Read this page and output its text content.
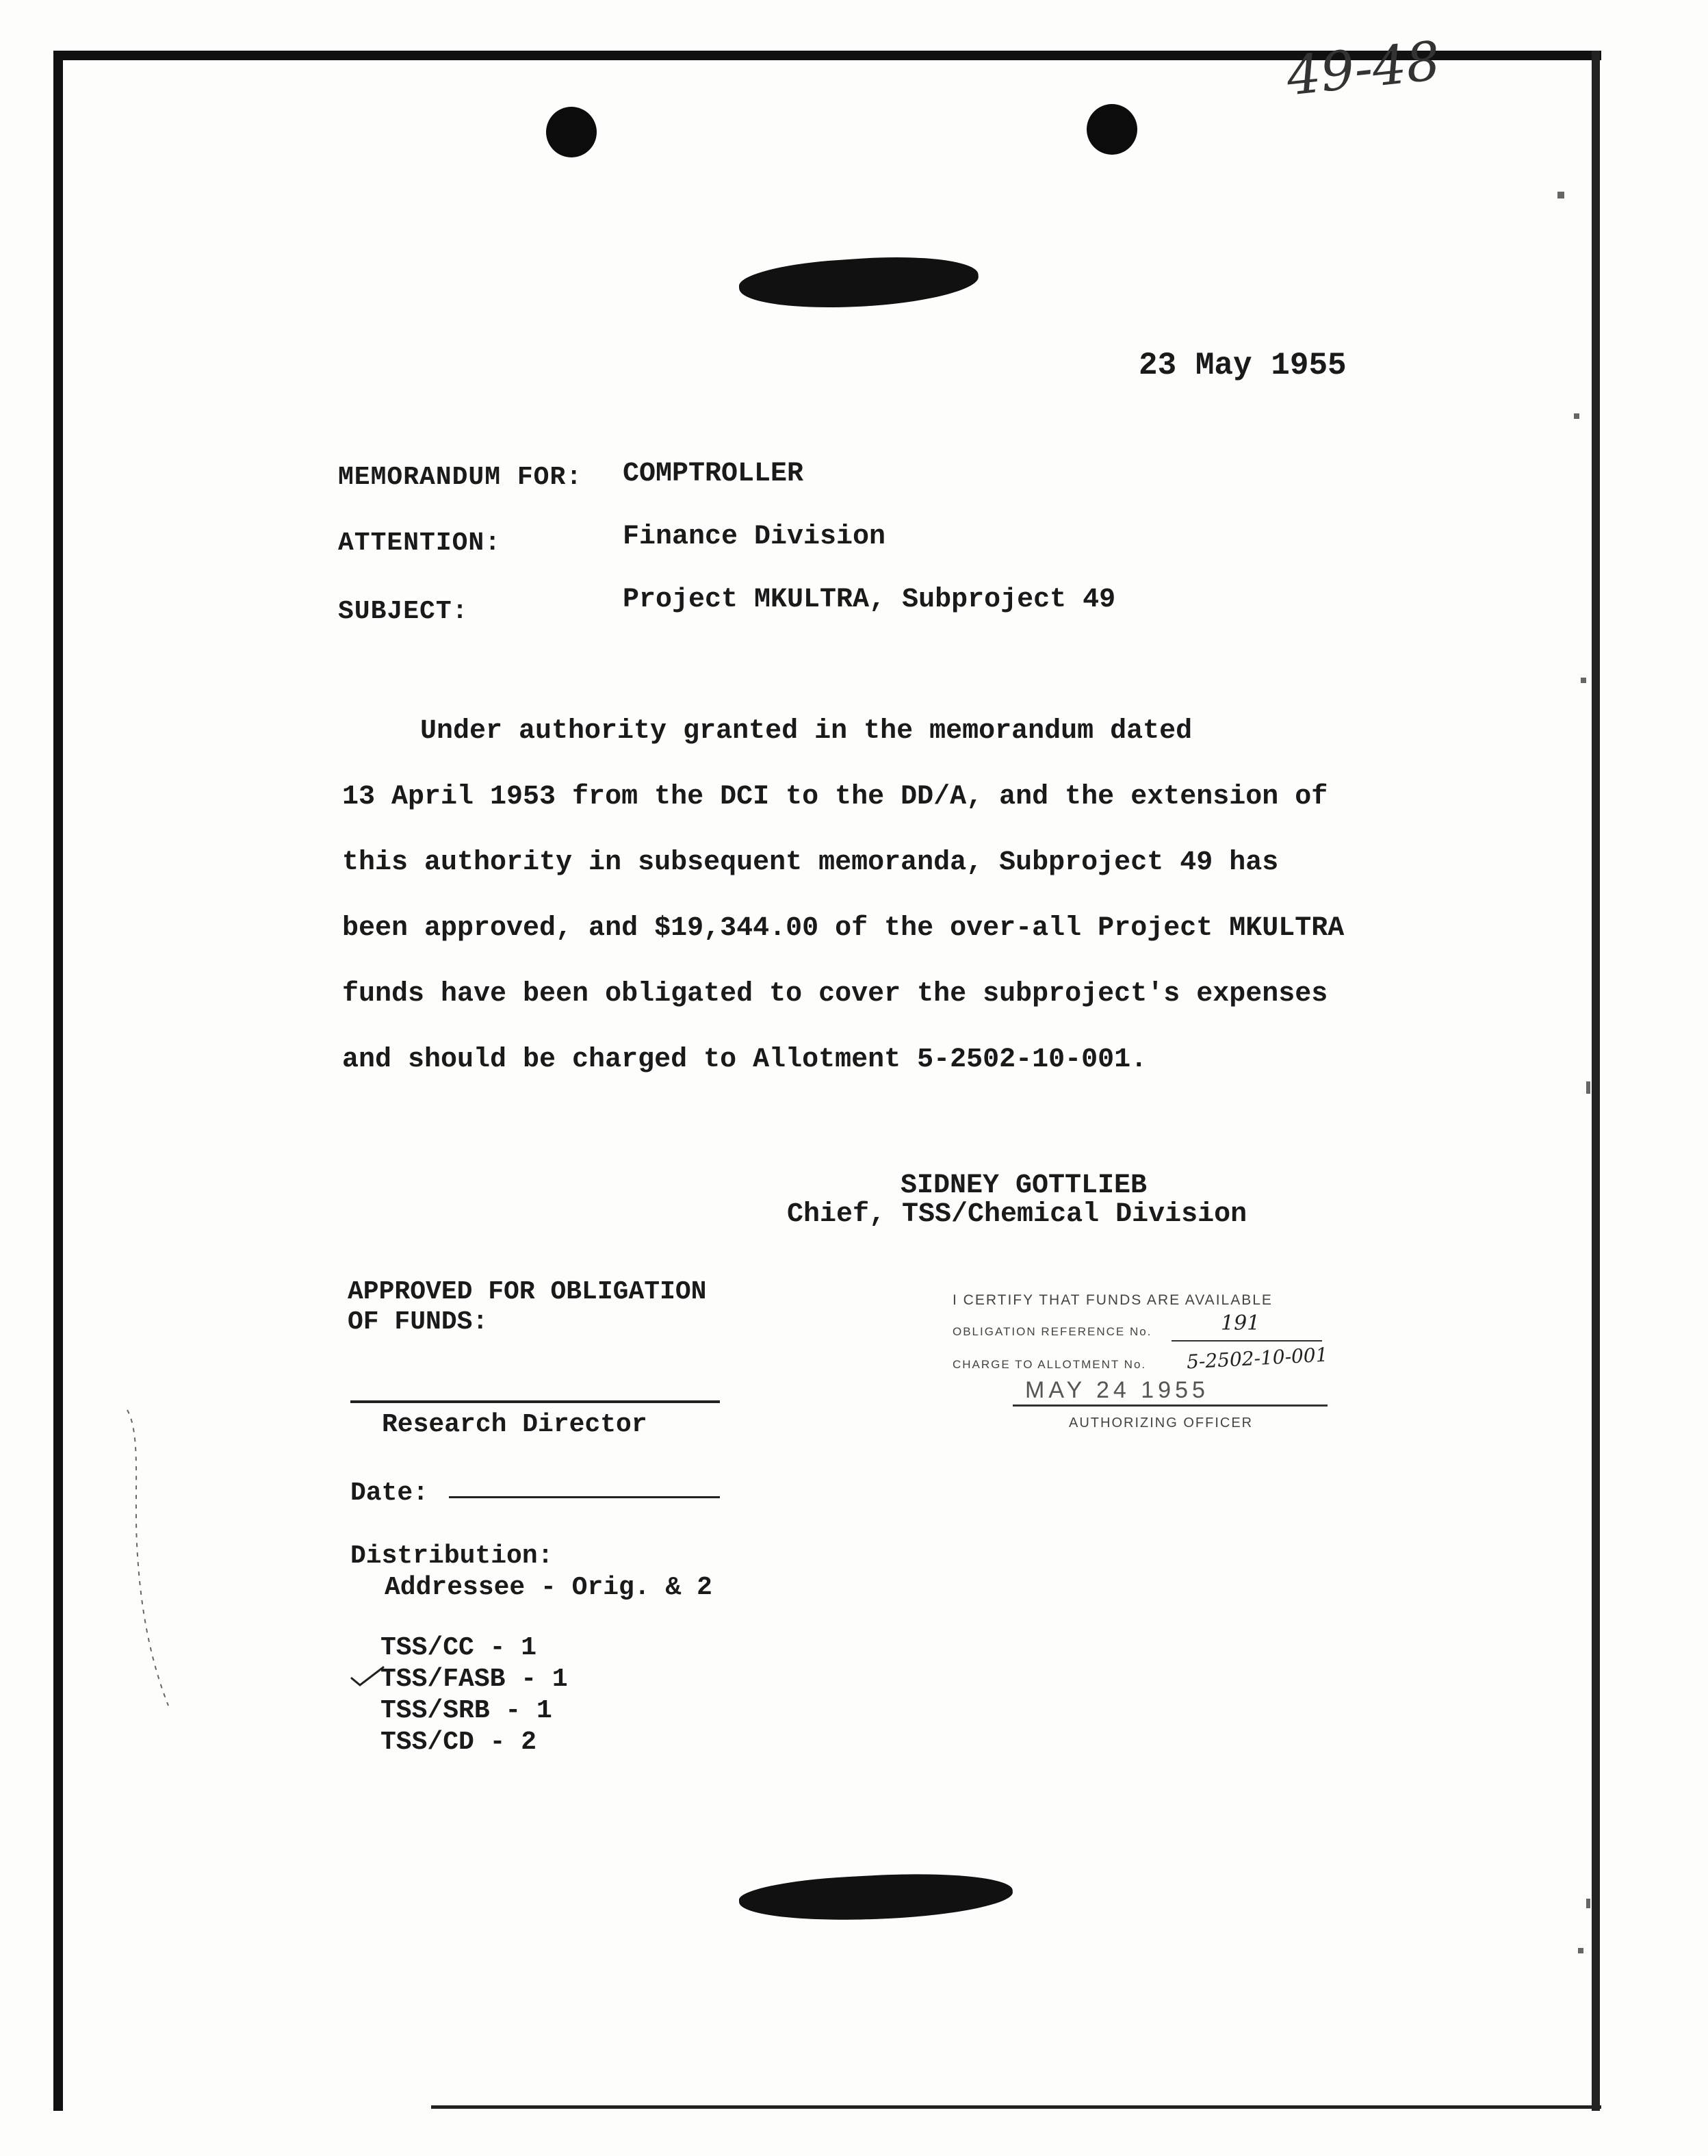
49-48
23 May 1955
MEMORANDUM FOR: COMPTROLLER
ATTENTION:	Finance Division
SUBJECT:	Project MKULTRA, Subproject 49
Under authority granted in the memorandum dated
13 April 1953 from the DCI to the DD/A, and the extension of
this authority in subsequent memoranda, Subproject 49 has
been approved, and $19,344.00 of the over-all Project MKULTRA
funds have been obligated to cover the subproject's expenses
and should be charged to Allotment 5-2502-10-001.
SIDNEY GOTTLIEB
Chief, TSS/Chemical Division
APPROVED FOR OBLIGATION
OF FUNDS:
Research Director
Date:
I CERTIFY THAT FUNDS ARE AVAILABLE
OBLIGATION REFERENCE No.	191
CHARGE TO ALLOTMENT No. 5-2502-10-001
MAY 24 1955
AUTHORIZING OFFICER
Distribution:
Addressee - Orig. & 2
TSS/CC - 1
TSS/FASB - 1
TSS/SRB - 1
TSS/CD - 2
